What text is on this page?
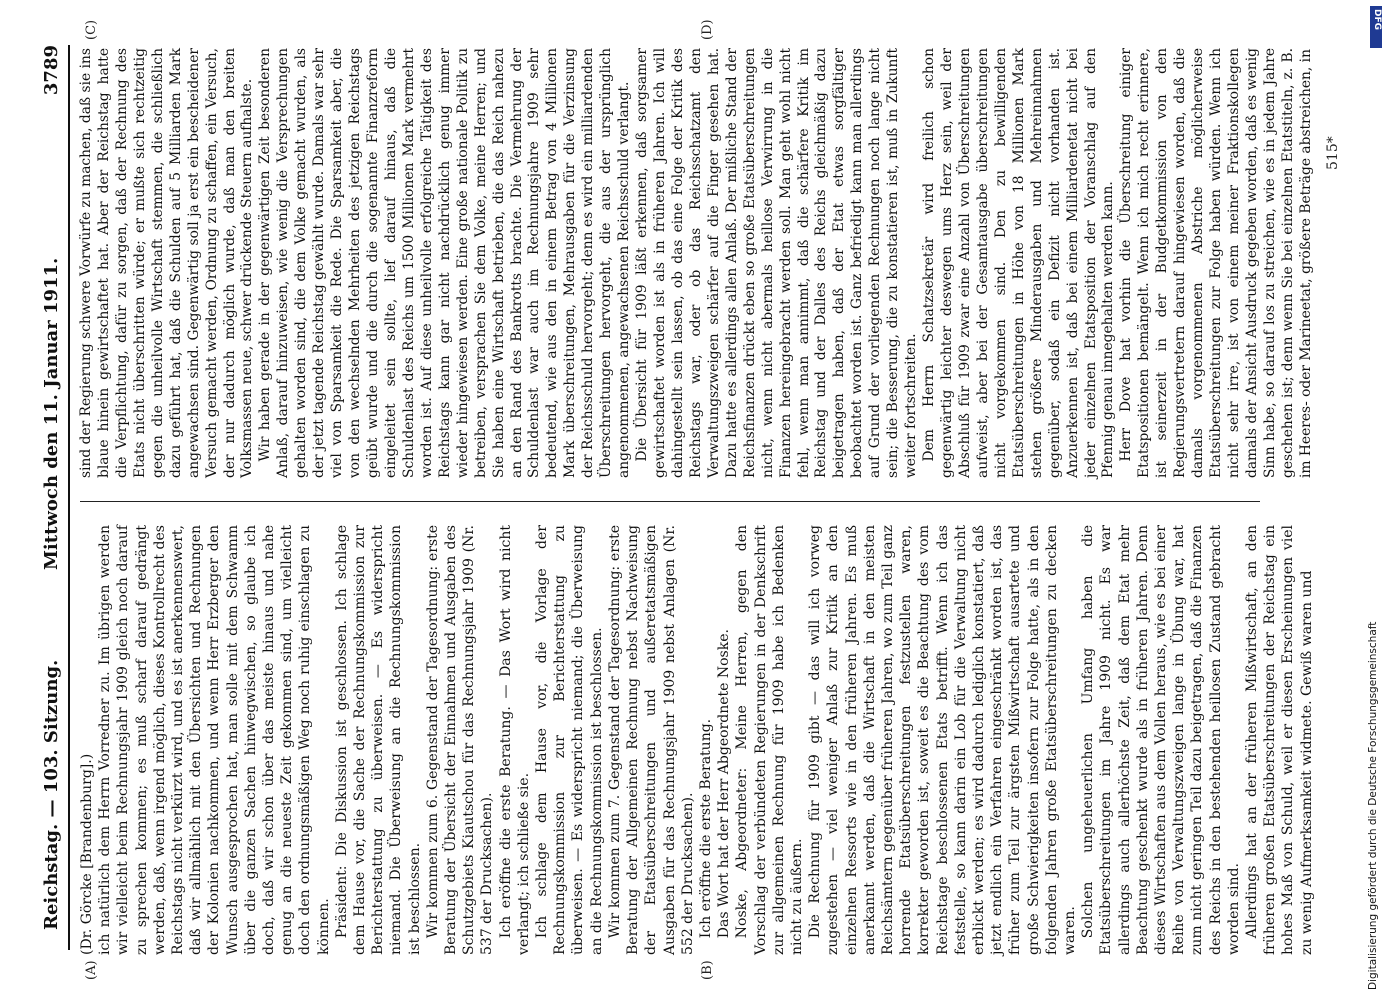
Reichstag. — 103. Sitzung.
Mittwoch den 11. Januar 1911.
3789
(A)	(B)
(C)	(D)

(Dr. Görcke [Brandenburg].) ich natürlich dem Herrn Vorredner zu. Im übrigen werden wir vielleicht beim Rechnungsjahr 1909 gleich noch darauf zu sprechen kommen; es muß scharf darauf gedrängt werden, daß, wenn irgend möglich, dieses Kontrollrecht des Reichstags nicht verkürzt wird, und es ist anerkennenswert, daß wir allmählich mit den Übersichten und Rechnungen der Kolonien nachkommen, und wenn Herr Erzberger den Wunsch ausgesprochen hat, man solle mit dem Schwamm über die ganzen Sachen hinwegwischen, so glaube ich doch, daß wir schon über das meiste hinaus und nahe genug an die neueste Zeit gekommen sind, um vielleicht doch den ordnungsmäßigen Weg noch ruhig einschlagen zu können. Präsident: Die Diskussion ist geschlossen. Ich schlage dem Hause vor, die Sache der Rechnungskommission zur Berichterstattung zu überweisen. — Es widerspricht niemand. Die Überweisung an die Rechnungskommission ist beschlossen. Wir kommen zum 6. Gegenstand der Tagesordnung: erste Beratung der Übersicht der Einnahmen und Ausgaben des Schutzgebiets Kiautschou für das Rechnungsjahr 1909 (Nr. 537 der Drucksachen). Ich eröffne die erste Beratung. — Das Wort wird nicht verlangt; ich schließe sie. Ich schlage dem Hause vor, die Vorlage der Rechnungskommission zur Berichterstattung zu überweisen. — Es widerspricht niemand; die Überweisung an die Rechnungskommission ist beschlossen. Wir kommen zum 7. Gegenstand der Tagesordnung: erste Beratung der Allgemeinen Rechnung nebst Nachweisung der Etatsüberschreitungen und außeretatsmäßigen Ausgaben für das Rechnungsjahr 1909 nebst Anlagen (Nr. 552 der Drucksachen). Ich eröffne die erste Beratung. Das Wort hat der Herr Abgeordnete Noske. Noske, Abgeordneter: Meine Herren, gegen den Vorschlag der verbündeten Regierungen in der Denkschrift zur allgemeinen Rechnung für 1909 habe ich Bedenken nicht zu äußern. Die Rechnung für 1909 gibt — das will ich vorweg zugestehen — viel weniger Anlaß zur Kritik an den einzelnen Ressorts wie in den früheren Jahren. Es muß anerkannt werden, daß die Wirtschaft in den meisten Reichsämtern gegenüber früheren Jahren, wo zum Teil ganz horrende Etatsüberschreitungen festzustellen waren, korrekter geworden ist, soweit es die Beachtung des vom Reichstage beschlossenen Etats betrifft. Wenn ich das feststelle, so kann darin ein Lob für die Verwaltung nicht erblickt werden; es wird dadurch lediglich konstatiert, daß jetzt endlich ein Verfahren eingeschränkt worden ist, das früher zum Teil zur ärgsten Mißwirtschaft ausartete und große Schwierigkeiten insofern zur Folge hatte, als in den folgenden Jahren große Etatsüberschreitungen zu decken waren. Solchen ungeheuerlichen Umfang haben die Etatsüberschreitungen im Jahre 1909 nicht. Es war allerdings auch allerhöchste Zeit, daß dem Etat mehr Beachtung geschenkt wurde als in früheren Jahren. Denn dieses Wirtschaften aus dem Vollen heraus, wie es bei einer Reihe von Verwaltungszweigen lange in Übung war, hat zum nicht geringen Teil dazu beigetragen, daß die Finanzen des Reichs in den bestehenden heillosen Zustand gebracht worden sind. Allerdings hat an der früheren Mißwirtschaft, an den früheren großen Etatsüberschreitungen der Reichstag ein hohes Maß von Schuld, weil er diesen Erscheinungen viel zu wenig Aufmerksamkeit widmete. Gewiß waren und

sind der Regierung schwere Vorwürfe zu machen, daß sie ins blaue hinein gewirtschaftet hat. Aber der Reichstag hatte die Verpflichtung, dafür zu sorgen, daß der Rechnung des Etats nicht überschritten würde; er mußte sich rechtzeitig gegen die unheilvolle Wirtschaft stemmen, die schließlich dazu geführt hat, daß die Schulden auf 5 Milliarden Mark angewachsen sind. Gegenwärtig soll ja erst ein bescheidener Versuch gemacht werden, Ordnung zu schaffen, ein Versuch, der nur dadurch möglich wurde, daß man den breiten Volksmassen neue, schwer drückende Steuern aufhalste. Wir haben gerade in der gegenwärtigen Zeit besonderen Anlaß, darauf hinzuweisen, wie wenig die Versprechungen gehalten worden sind, die dem Volke gemacht wurden, als der jetzt tagende Reichstag gewählt wurde. Damals war sehr viel von Sparsamkeit die Rede. Die Sparsamkeit aber, die von den wechselnden Mehrheiten des jetzigen Reichstags geübt wurde und die durch die sogenannte Finanzreform eingeleitet sein sollte, lief darauf hinaus, daß die Schuldenlast des Reichs um 1500 Millionen Mark vermehrt worden ist. Auf diese unheilvolle erfolgreiche Tätigkeit des Reichstags kann gar nicht nachdrücklich genug immer wieder hingewiesen werden. Eine große nationale Politik zu betreiben, versprachen Sie dem Volke, meine Herren; und Sie haben eine Wirtschaft betrieben, die das Reich nahezu an den Rand des Bankrotts brachte. Die Vermehrung der Schuldenlast war auch im Rechnungsjahre 1909 sehr bedeutend, wie aus den in einem Betrag von 4 Millionen Mark überschreitungen, Mehrausgaben für die Verzinsung der Reichsschuld hervorgeht; denn es wird ein milliardenden Überschreitungen hervorgeht, die aus der ursprünglich angenommenen, angewachsenen Reichsschuld verlangt. Die Übersicht für 1909 läßt erkennen, daß sorgsamer gewirtschaftet worden ist als in früheren Jahren. Ich will dahingestellt sein lassen, ob das eine Folge der Kritik des Reichstags war, oder ob das Reichsschatzamt den Verwaltungszweigen schärfer auf die Finger gesehen hat. Dazu hatte es allerdings allen Anlaß. Der mißliche Stand der Reichsfinanzen drückt eben so große Etatsüberschreitungen nicht, wenn nicht abermals heillose Verwirrung in die Finanzen hereingebracht werden soll. Man geht wohl nicht fehl, wenn man annimmt, daß die schärfere Kritik im Reichstag und der Dalles des Reichs gleichmäßig dazu beigetragen haben, daß der Etat etwas sorgfältiger beobachtet worden ist. Ganz befriedigt kann man allerdings auf Grund der vorliegenden Rechnungen noch lange nicht sein; die Besserung, die zu konstatieren ist, muß in Zukunft weiter fortschreiten. Dem Herrn Schatzsekretär wird freilich schon gegenwärtig leichter deswegen ums Herz sein, weil der Abschluß für 1909 zwar eine Anzahl von Überschreitungen aufweist, aber bei der Gesamtausgabe überschreitungen nicht vorgekommen sind. Den zu bewilligenden Etatsüberschreitungen in Höhe von 18 Millionen Mark stehen größere Minderausgaben und Mehreinnahmen gegenüber, sodaß ein Defizit nicht vorhanden ist. Anzuerkennen ist, daß bei einem Milliardenetat nicht bei jeder einzelnen Etatsposition der Voranschlag auf den Pfennig genau innegehalten werden kann. Herr Dove hat vorhin die Überschreitung einiger Etatspositionen bemängelt. Wenn ich mich recht erinnere, ist seinerzeit in der Budgetkommission von den Regierungsvertretern darauf hingewiesen worden, daß die damals vorgenommenen Abstriche möglicherweise Etatsüberschreitungen zur Folge haben würden. Wenn ich nicht sehr irre, ist von einem meiner Fraktionskollegen damals der Ansicht Ausdruck gegeben worden, daß es wenig Sinn habe, so darauf los zu streichen, wie es in jedem Jahre geschehen ist; denn wenn Sie bei einzelnen Etatstiteln, z. B. im Heeres- oder Marineetat, größere Beträge abstreichen, in 515*
Digitalisierung gefördert durch die Deutsche Forschungsgemeinschaft
DFG
